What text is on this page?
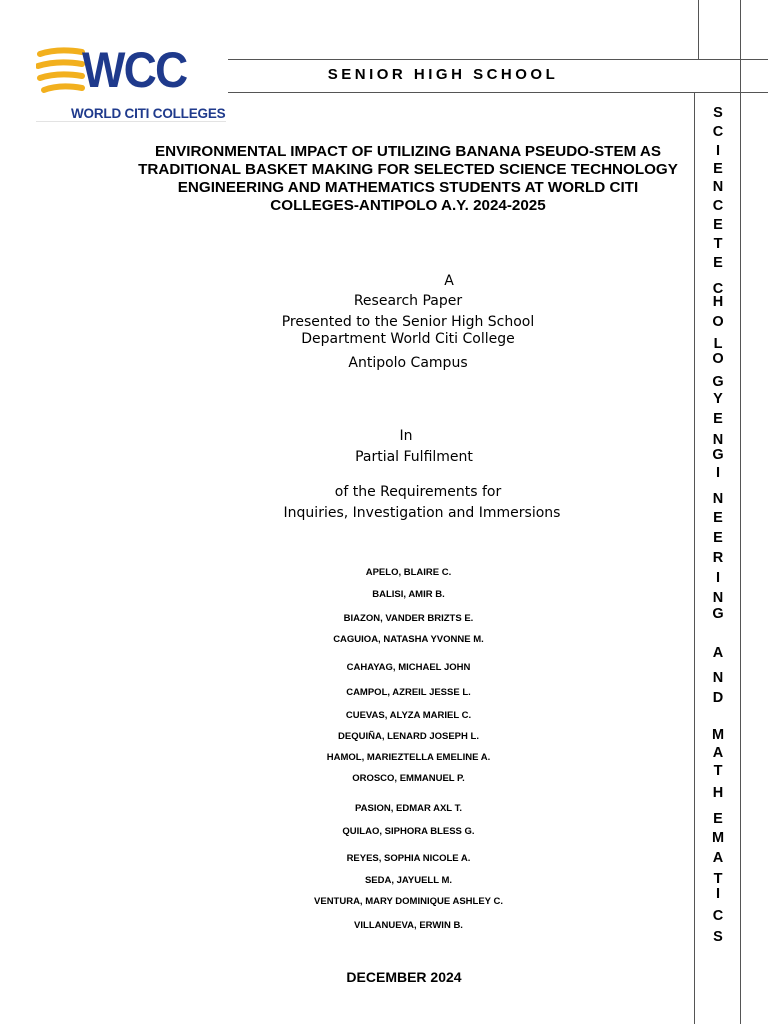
WCC
WORLD CITI COLLEGES
SENIOR HIGH SCHOOL
ENVIRONMENTAL IMPACT OF UTILIZING BANANA PSEUDO-STEM AS
TRADITIONAL BASKET MAKING FOR SELECTED SCIENCE TECHNOLOGY
ENGINEERING AND MATHEMATICS STUDENTS AT WORLD CITI
COLLEGES-ANTIPOLO A.Y. 2024-2025
A
Research Paper
Presented to the Senior High School
Department World Citi College
Antipolo Campus
In
Partial Fulfilment
of the Requirements for
Inquiries, Investigation and Immersions
APELO, BLAIRE C.
BALISI, AMIR B.
BIAZON, VANDER BRIZTS E.
CAGUIOA, NATASHA YVONNE M.
CAHAYAG, MICHAEL JOHN
CAMPOL, AZREIL JESSE L.
CUEVAS, ALYZA MARIEL C.
DEQUIÑA, LENARD JOSEPH L.
HAMOL, MARIEZTELLA EMELINE A.
OROSCO, EMMANUEL P.
PASION, EDMAR AXL T.
QUILAO, SIPHORA BLESS G.
REYES, SOPHIA NICOLE A.
SEDA, JAYUELL M.
VENTURA, MARY DOMINIQUE ASHLEY C.
VILLANUEVA, ERWIN B.
DECEMBER 2024
S
C
I
E
N
C
E
T
E
C
H
O
L
O
G
Y
E
N
G
I
N
E
E
R
I
N
G
A
N
D
M
A
T
H
E
M
A
T
I
C
S
